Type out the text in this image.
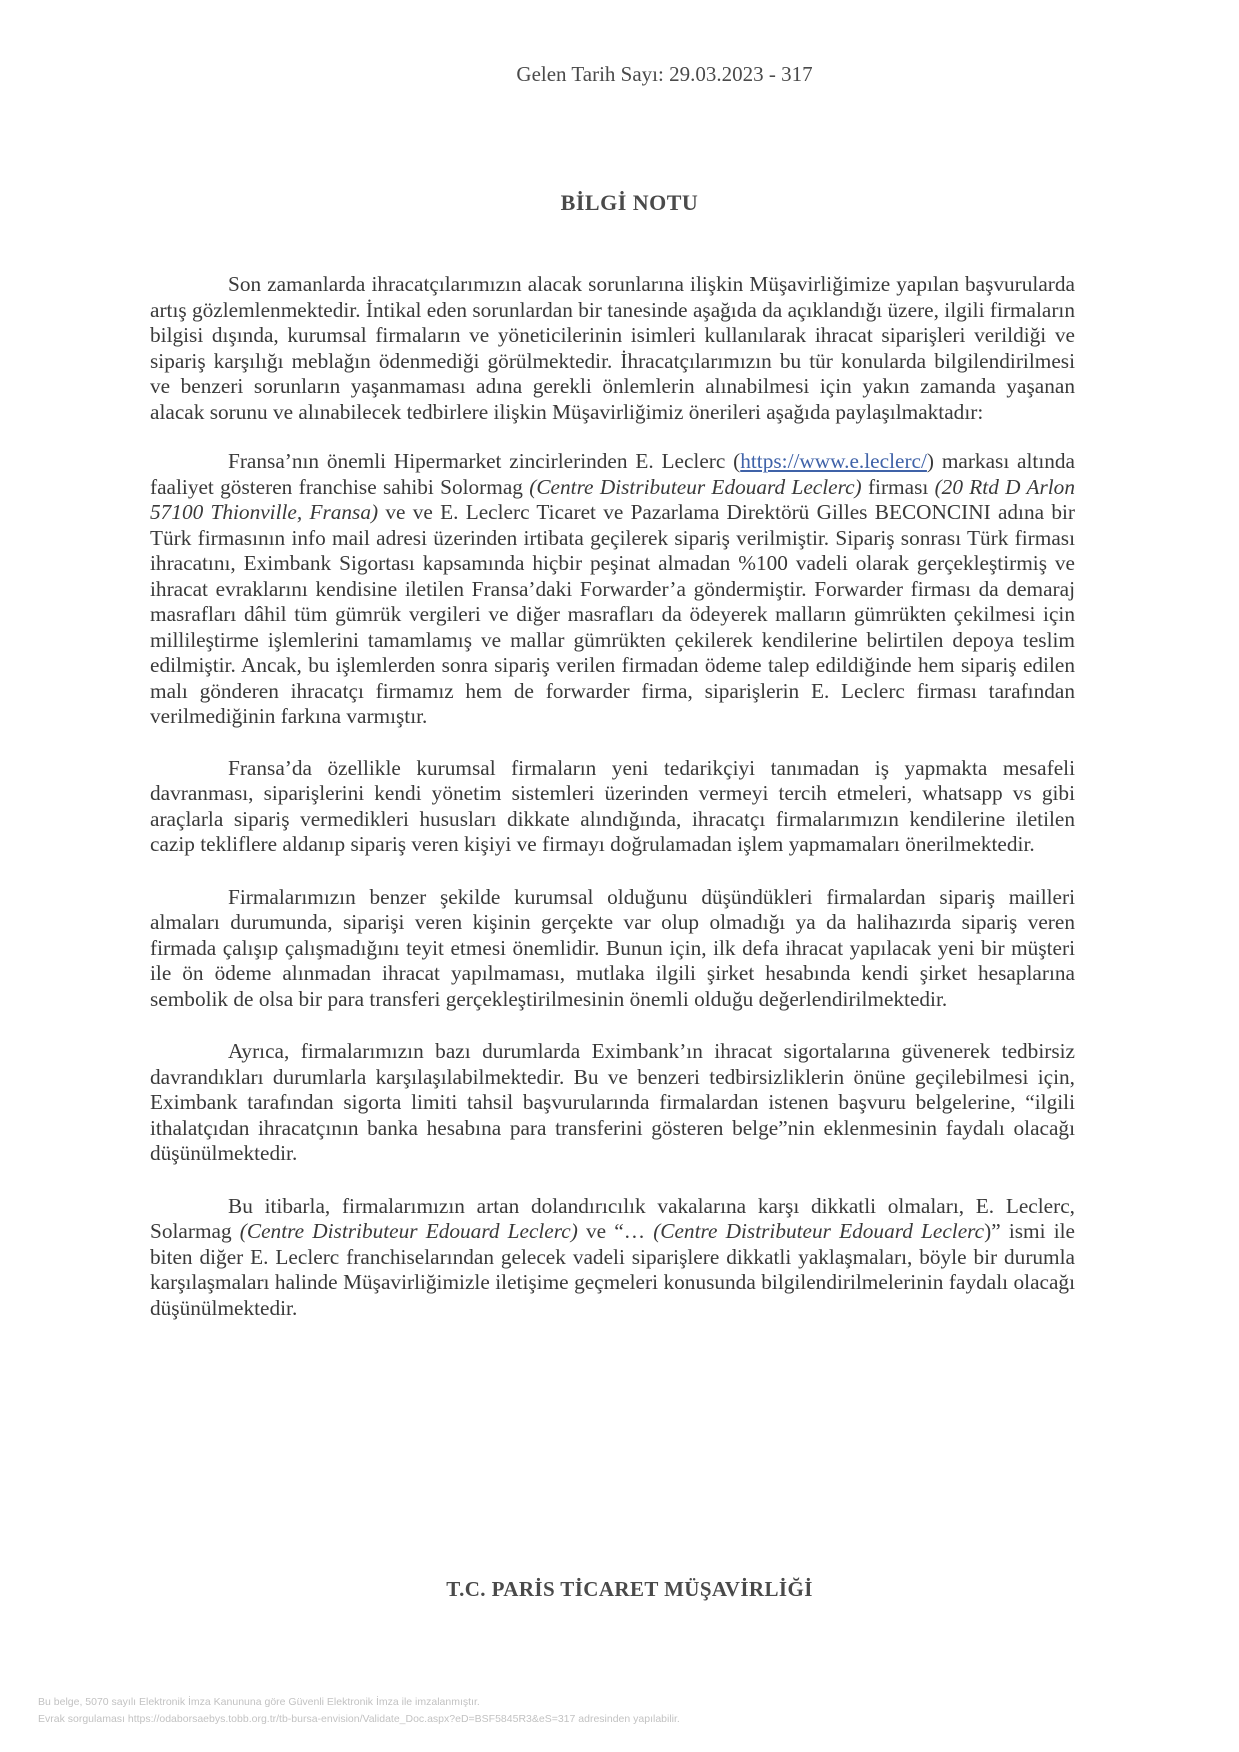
Gelen Tarih Sayı: 29.03.2023 - 317
BİLGİ NOTU

Son zamanlarda ihracatçılarımızın alacak sorunlarına ilişkin Müşavirliğimize yapılan başvurularda artış gözlemlenmektedir. İntikal eden sorunlardan bir tanesinde aşağıda da açıklandığı üzere, ilgili firmaların bilgisi dışında, kurumsal firmaların ve yöneticilerinin isimleri kullanılarak ihracat siparişleri verildiği ve sipariş karşılığı meblağın ödenmediği görülmektedir. İhracatçılarımızın bu tür konularda bilgilendirilmesi ve benzeri sorunların yaşanmaması adına gerekli önlemlerin alınabilmesi için yakın zamanda yaşanan alacak sorunu ve alınabilecek tedbirlere ilişkin Müşavirliğimiz önerileri aşağıda paylaşılmaktadır:

Fransa’nın önemli Hipermarket zincirlerinden E. Leclerc (https://www.e.leclerc/) markası altında faaliyet gösteren franchise sahibi Solormag (Centre Distributeur Edouard Leclerc) firması (20 Rtd D Arlon 57100 Thionville, Fransa) ve ve E. Leclerc Ticaret ve Pazarlama Direktörü Gilles BECONCINI adına bir Türk firmasının info mail adresi üzerinden irtibata geçilerek sipariş verilmiştir. Sipariş sonrası Türk firması ihracatını, Eximbank Sigortası kapsamında hiçbir peşinat almadan %100 vadeli olarak gerçekleştirmiş ve ihracat evraklarını kendisine iletilen Fransa’daki Forwarder’a göndermiştir. Forwarder firması da demaraj masrafları dâhil tüm gümrük vergileri ve diğer masrafları da ödeyerek malların gümrükten çekilmesi için millileştirme işlemlerini tamamlamış ve mallar gümrükten çekilerek kendilerine belirtilen depoya teslim edilmiştir. Ancak, bu işlemlerden sonra sipariş verilen firmadan ödeme talep edildiğinde hem sipariş edilen malı gönderen ihracatçı firmamız hem de forwarder firma, siparişlerin E. Leclerc firması tarafından verilmediğinin farkına varmıştır.

Fransa’da özellikle kurumsal firmaların yeni tedarikçiyi tanımadan iş yapmakta mesafeli davranması, siparişlerini kendi yönetim sistemleri üzerinden vermeyi tercih etmeleri, whatsapp vs gibi araçlarla sipariş vermedikleri hususları dikkate alındığında, ihracatçı firmalarımızın kendilerine iletilen cazip tekliflere aldanıp sipariş veren kişiyi ve firmayı doğrulamadan işlem yapmamaları önerilmektedir.

Firmalarımızın benzer şekilde kurumsal olduğunu düşündükleri firmalardan sipariş mailleri almaları durumunda, siparişi veren kişinin gerçekte var olup olmadığı ya da halihazırda sipariş veren firmada çalışıp çalışmadığını teyit etmesi önemlidir. Bunun için, ilk defa ihracat yapılacak yeni bir müşteri ile ön ödeme alınmadan ihracat yapılmaması, mutlaka ilgili şirket hesabında kendi şirket hesaplarına sembolik de olsa bir para transferi gerçekleştirilmesinin önemli olduğu değerlendirilmektedir.

Ayrıca, firmalarımızın bazı durumlarda Eximbank’ın ihracat sigortalarına güvenerek tedbirsiz davrandıkları durumlarla karşılaşılabilmektedir. Bu ve benzeri tedbirsizliklerin önüne geçilebilmesi için, Eximbank tarafından sigorta limiti tahsil başvurularında firmalardan istenen başvuru belgelerine, “ilgili ithalatçıdan ihracatçının banka hesabına para transferini gösteren belge”nin eklenmesinin faydalı olacağı düşünülmektedir.

Bu itibarla, firmalarımızın artan dolandırıcılık vakalarına karşı dikkatli olmaları, E. Leclerc, Solarmag (Centre Distributeur Edouard Leclerc) ve “… (Centre Distributeur Edouard Leclerc)” ismi ile biten diğer E. Leclerc franchiselarından gelecek vadeli siparişlere dikkatli yaklaşmaları, böyle bir durumla karşılaşmaları halinde Müşavirliğimizle iletişime geçmeleri konusunda bilgilendirilmelerinin faydalı olacağı düşünülmektedir.

T.C. PARİS TİCARET MÜŞAVİRLİĞİ
Bu belge, 5070 sayılı Elektronik İmza Kanununa göre Güvenli Elektronik İmza ile imzalanmıştır.
Evrak sorgulaması https://odaborsaebys.tobb.org.tr/tb-bursa-envision/Validate_Doc.aspx?eD=BSF5845R3&eS=317 adresinden yapılabilir.
